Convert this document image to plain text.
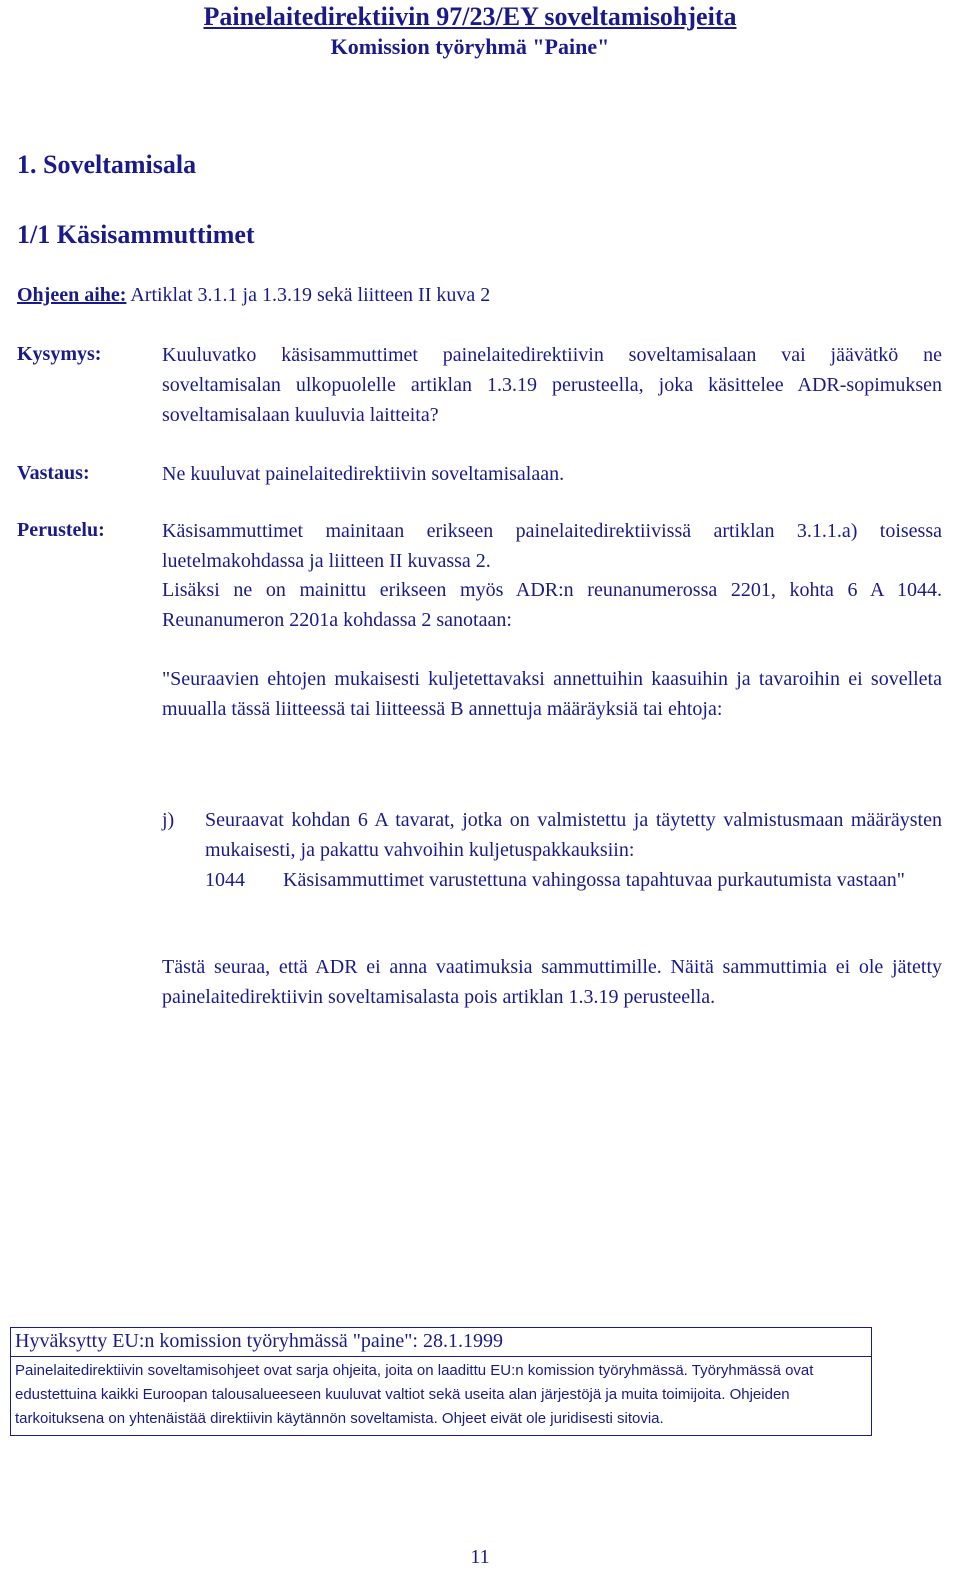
Painelaitedirektiivin 97/23/EY soveltamisohjeita
Komission työryhmä "Paine"
1. Soveltamisala
1/1 Käsisammuttimet
Ohjeen aihe: Artiklat 3.1.1 ja 1.3.19 sekä liitteen II kuva 2
Kysymys:	Kuuluvatko käsisammuttimet painelaitedirektiivin soveltamisalaan vai jäävätkö ne soveltamisalan ulkopuolelle artiklan 1.3.19 perusteella, joka käsittelee ADR-sopimuksen soveltamisalaan kuuluvia laitteita?

Vastaus:	Ne kuuluvat painelaitedirektiivin soveltamisalaan.

Perustelu:	Käsisammuttimet mainitaan erikseen painelaitedirektiivissä artiklan 3.1.1.a) toisessa luetelmakohdassa ja liitteen II kuvassa 2.

Lisäksi ne on mainittu erikseen myös ADR:n reunanumerossa 2201, kohta 6 A 1044. Reunanumeron 2201a kohdassa 2 sanotaan:

"Seuraavien ehtojen mukaisesti kuljetettavaksi annettuihin kaasuihin ja tavaroihin ei sovelleta muualla tässä liitteessä tai liitteessä B annettuja määräyksiä tai ehtoja:

j) Seuraavat kohdan 6 A tavarat, jotka on valmistettu ja täytetty valmistusmaan määräysten mukaisesti, ja pakattu vahvoihin kuljetuspakkauksiin:
1044 Käsisammuttimet varustettuna vahingossa tapahtuvaa purkautumista vastaan"

Tästä seuraa, että ADR ei anna vaatimuksia sammuttimille. Näitä sammuttimia ei ole jätetty painelaitedirektiivin soveltamisalasta pois artiklan 1.3.19 perusteella.

Hyväksytty EU:n komission työryhmässä "paine": 28.1.1999
Painelaitedirektiivin soveltamisohjeet ovat sarja ohjeita, joita on laadittu EU:n komission työryhmässä. Työryhmässä ovat edustettuina kaikki Euroopan talousalueeseen kuuluvat valtiot sekä useita alan järjestöjä ja muita toimijoita. Ohjeiden tarkoituksena on yhtenäistää direktiivin käytännön soveltamista. Ohjeet eivät ole juridisesti sitovia.
11
